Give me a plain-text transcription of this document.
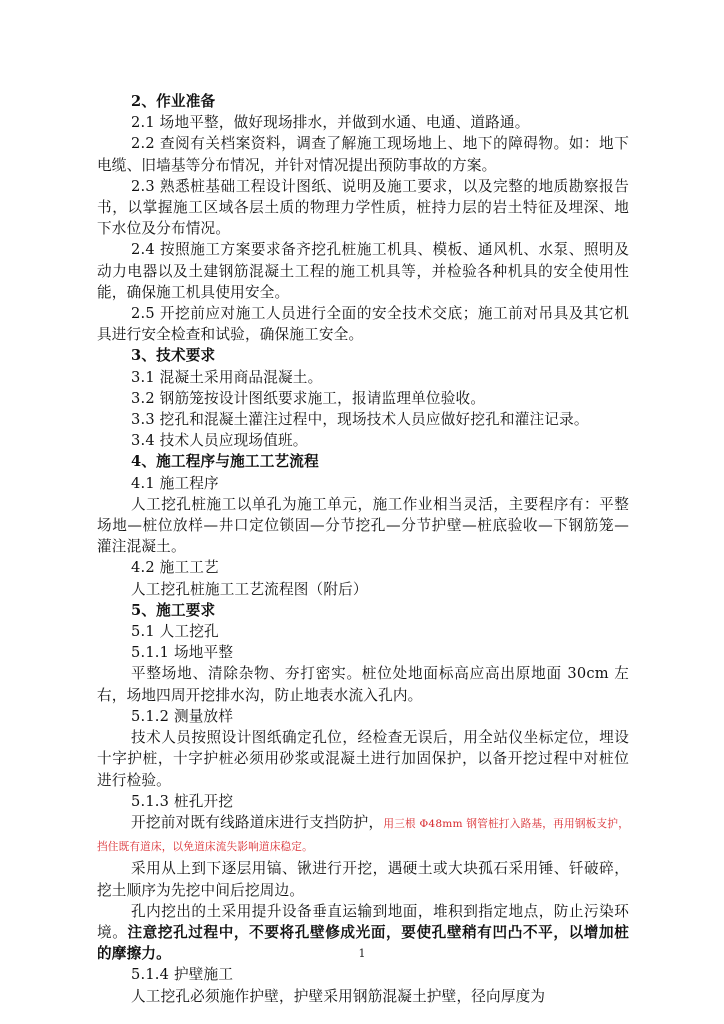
2、作业准备

2.1 场地平整，做好现场排水，并做到水通、电通、道路通。

2.2 查阅有关档案资料，调查了解施工现场地上、地下的障碍物。如：地下电缆、旧墙基等分布情况，并针对情况提出预防事故的方案。

2.3 熟悉桩基础工程设计图纸、说明及施工要求，以及完整的地质勘察报告书，以掌握施工区域各层土质的物理力学性质，桩持力层的岩土特征及埋深、地下水位及分布情况。

2.4 按照施工方案要求备齐挖孔桩施工机具、模板、通风机、水泵、照明及动力电器以及土建钢筋混凝土工程的施工机具等，并检验各种机具的安全使用性能，确保施工机具使用安全。

2.5 开挖前应对施工人员进行全面的安全技术交底；施工前对吊具及其它机具进行安全检查和试验，确保施工安全。

3、技术要求

3.1 混凝土采用商品混凝土。

3.2 钢筋笼按设计图纸要求施工，报请监理单位验收。

3.3 挖孔和混凝土灌注过程中，现场技术人员应做好挖孔和灌注记录。

3.4 技术人员应现场值班。

4、施工程序与施工工艺流程

4.1 施工程序

人工挖孔桩施工以单孔为施工单元，施工作业相当灵活，主要程序有：平整场地—桩位放样—井口定位锁固—分节挖孔—分节护壁—桩底验收—下钢筋笼—灌注混凝土。

4.2 施工工艺

人工挖孔桩施工工艺流程图（附后）

5、施工要求

5.1 人工挖孔

5.1.1 场地平整

平整场地、清除杂物、夯打密实。桩位处地面标高应高出原地面 30cm 左右，场地四周开挖排水沟，防止地表水流入孔内。

5.1.2 测量放样

技术人员按照设计图纸确定孔位，经检查无误后，用全站仪坐标定位，埋设十字护桩，十字护桩必须用砂浆或混凝土进行加固保护，以备开挖过程中对桩位进行检验。

5.1.3 桩孔开挖

开挖前对既有线路道床进行支挡防护，用三根 Φ48mm 钢管桩打入路基，再用钢板支护，挡住既有道床，以免道床流失影响道床稳定。

采用从上到下逐层用镐、锹进行开挖，遇硬土或大块孤石采用锤、钎破碎，挖土顺序为先挖中间后挖周边。

孔内挖出的土采用提升设备垂直运输到地面，堆积到指定地点，防止污染环境。注意挖孔过程中，不要将孔壁修成光面，要使孔壁稍有凹凸不平，以增加桩的摩擦力。

5.1.4 护壁施工

人工挖孔必须施作护壁，护壁采用钢筋混凝土护壁，径向厚度为

1
